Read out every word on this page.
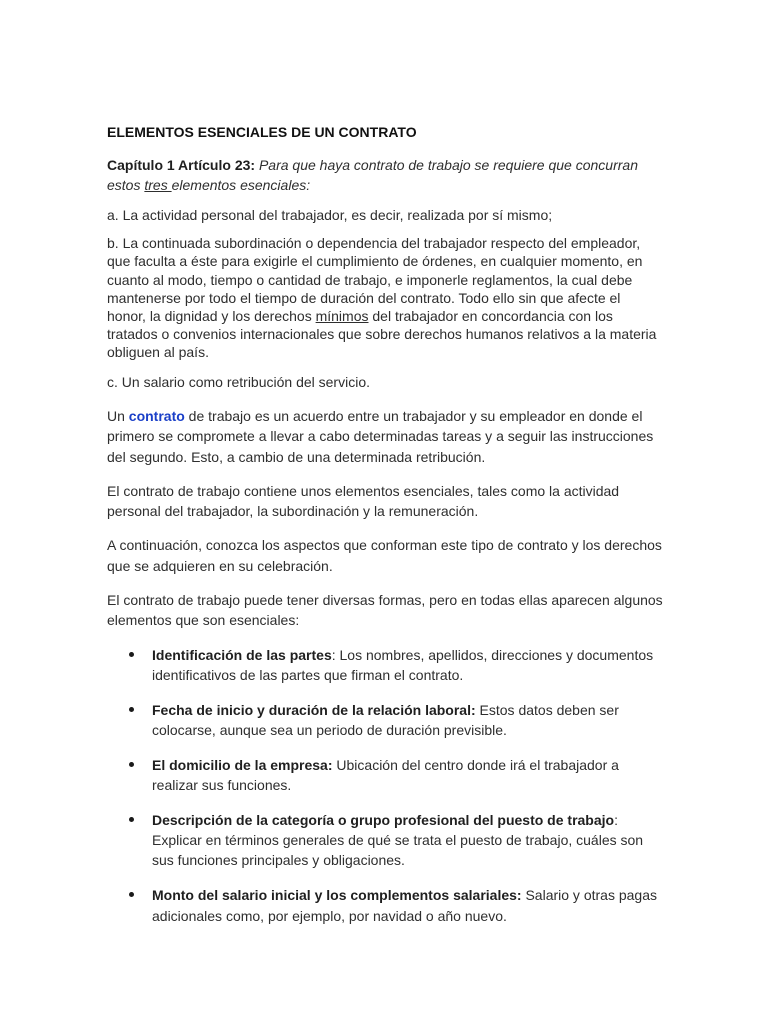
ELEMENTOS ESENCIALES DE UN CONTRATO
Capítulo 1 Artículo 23: Para que haya contrato de trabajo se requiere que concurran estos tres elementos esenciales:
a. La actividad personal del trabajador, es decir, realizada por sí mismo;
b. La continuada subordinación o dependencia del trabajador respecto del empleador, que faculta a éste para exigirle el cumplimiento de órdenes, en cualquier momento, en cuanto al modo, tiempo o cantidad de trabajo, e imponerle reglamentos, la cual debe mantenerse por todo el tiempo de duración del contrato. Todo ello sin que afecte el honor, la dignidad y los derechos mínimos del trabajador en concordancia con los tratados o convenios internacionales que sobre derechos humanos relativos a la materia obliguen al país.
c. Un salario como retribución del servicio.
Un contrato de trabajo es un acuerdo entre un trabajador y su empleador en donde el primero se compromete a llevar a cabo determinadas tareas y a seguir las instrucciones del segundo. Esto, a cambio de una determinada retribución.
El contrato de trabajo contiene unos elementos esenciales, tales como la actividad personal del trabajador, la subordinación y la remuneración.
A continuación, conozca los aspectos que conforman este tipo de contrato y los derechos que se adquieren en su celebración.
El contrato de trabajo puede tener diversas formas, pero en todas ellas aparecen algunos elementos que son esenciales:
Identificación de las partes: Los nombres, apellidos, direcciones y documentos identificativos de las partes que firman el contrato.
Fecha de inicio y duración de la relación laboral: Estos datos deben ser colocarse, aunque sea un periodo de duración previsible.
El domicilio de la empresa: Ubicación del centro donde irá el trabajador a realizar sus funciones.
Descripción de la categoría o grupo profesional del puesto de trabajo: Explicar en términos generales de qué se trata el puesto de trabajo, cuáles son sus funciones principales y obligaciones.
Monto del salario inicial y los complementos salariales: Salario y otras pagas adicionales como, por ejemplo, por navidad o año nuevo.
